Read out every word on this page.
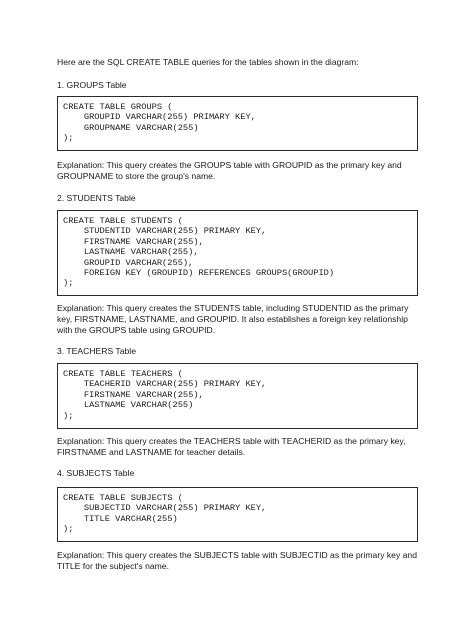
Here are the SQL CREATE TABLE queries for the tables shown in the diagram:

1. GROUPS Table

CREATE TABLE GROUPS (
GROUPID VARCHAR(255) PRIMARY KEY,
GROUPNAME VARCHAR(255)
);

Explanation: This query creates the GROUPS table with GROUPID as the primary key and GROUPNAME to store the group's name.

2. STUDENTS Table

CREATE TABLE STUDENTS (
STUDENTID VARCHAR(255) PRIMARY KEY,
FIRSTNAME VARCHAR(255),
LASTNAME VARCHAR(255),
GROUPID VARCHAR(255),
FOREIGN KEY (GROUPID) REFERENCES GROUPS(GROUPID)
);

Explanation: This query creates the STUDENTS table, including STUDENTID as the primary key, FIRSTNAME, LASTNAME, and GROUPID. It also establishes a foreign key relationship with the GROUPS table using GROUPID.

3. TEACHERS Table

CREATE TABLE TEACHERS (
TEACHERID VARCHAR(255) PRIMARY KEY,
FIRSTNAME VARCHAR(255),
LASTNAME VARCHAR(255)
);

Explanation: This query creates the TEACHERS table with TEACHERID as the primary key, FIRSTNAME and LASTNAME for teacher details.

4. SUBJECTS Table

CREATE TABLE SUBJECTS (
SUBJECTID VARCHAR(255) PRIMARY KEY,
TITLE VARCHAR(255)
);

Explanation: This query creates the SUBJECTS table with SUBJECTID as the primary key and TITLE for the subject's name.
